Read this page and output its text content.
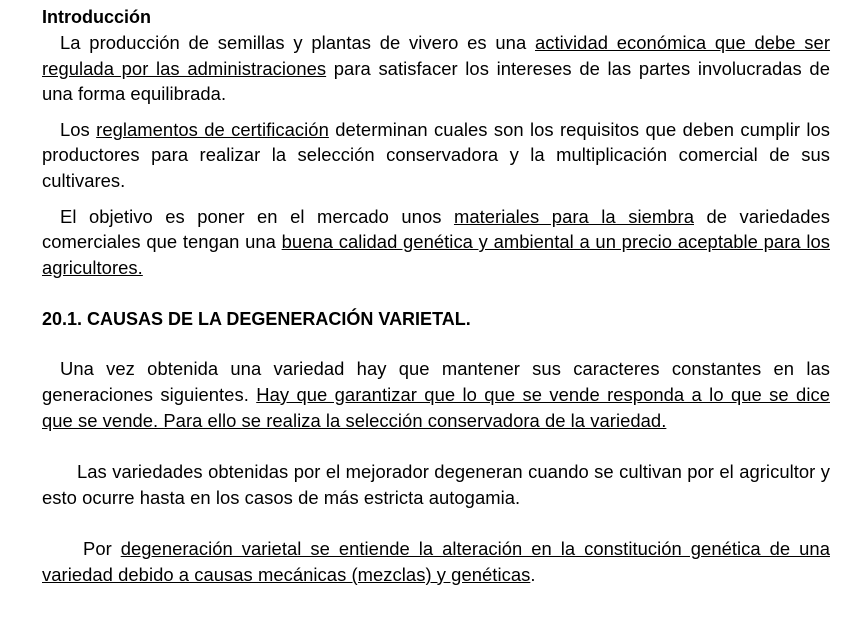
Introducción

La producción de semillas y plantas de vivero es una actividad económica que debe ser regulada por las administraciones para satisfacer los intereses de las partes involucradas de una forma equilibrada.

Los reglamentos de certificación determinan cuales son los requisitos que deben cumplir los productores para realizar la selección conservadora y la multiplicación comercial de sus cultivares.

El objetivo es poner en el mercado unos materiales para la siembra de variedades comerciales que tengan una buena calidad genética y ambiental a un precio aceptable para los agricultores.

20.1. CAUSAS DE LA DEGENERACIÓN VARIETAL.

Una vez obtenida una variedad hay que mantener sus caracteres constantes en las generaciones siguientes. Hay que garantizar que lo que se vende responda a lo que se dice que se vende. Para ello se realiza la selección conservadora de la variedad.

Las variedades obtenidas por el mejorador degeneran cuando se cultivan por el agricultor y esto ocurre hasta en los casos de más estricta autogamia.

Por degeneración varietal se entiende la alteración en la constitución genética de una variedad debido a causas mecánicas (mezclas) y genéticas.
